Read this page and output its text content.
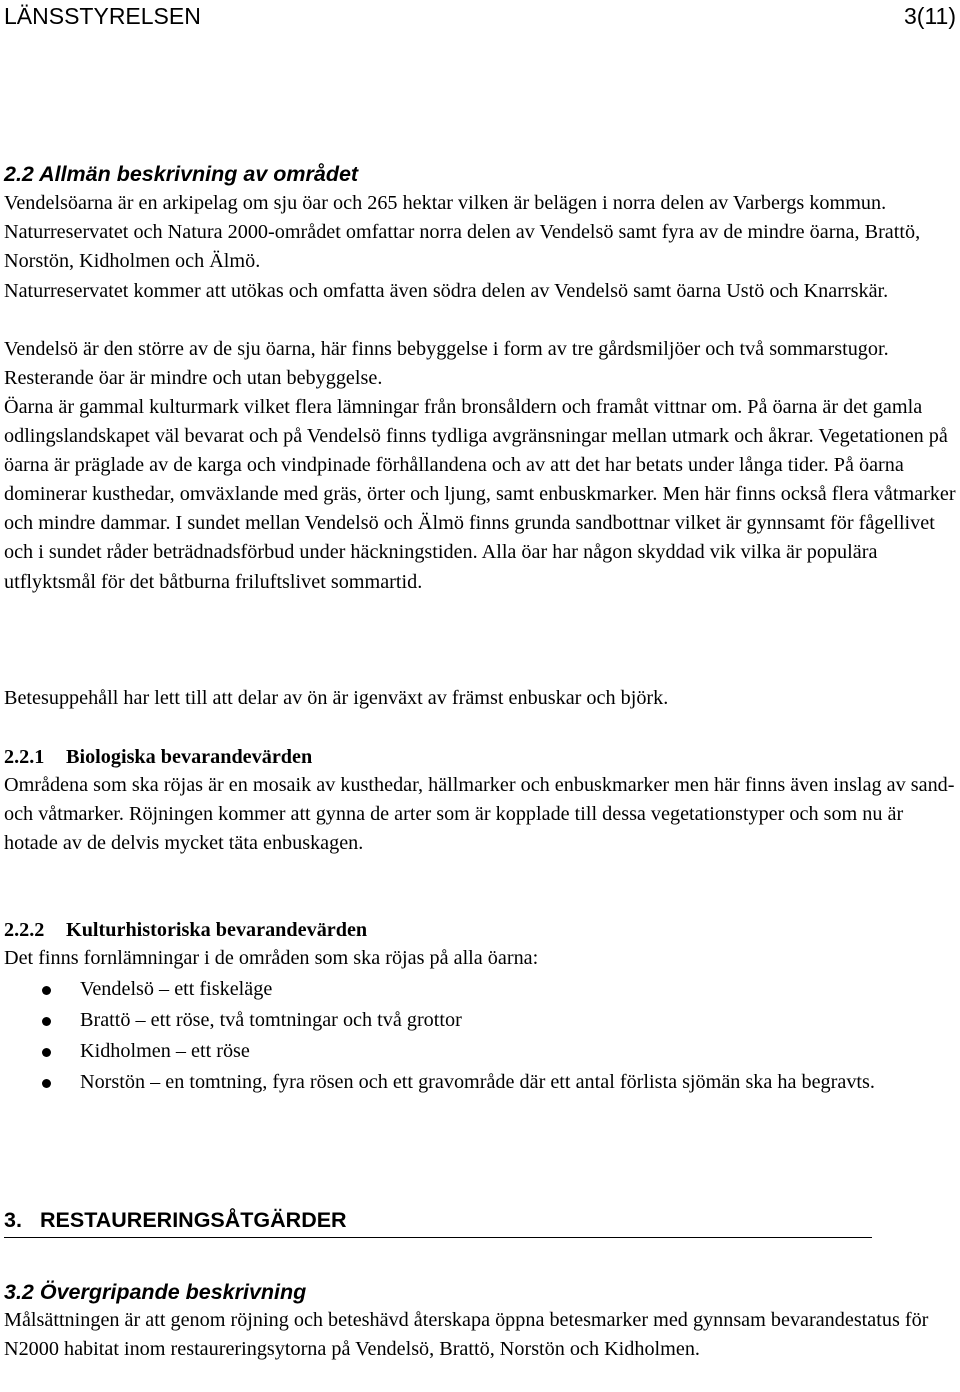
LÄNSSTYRELSEN	3(11)
2.2 Allmän beskrivning av området
Vendelsöarna är en arkipelag om sju öar och 265 hektar vilken är belägen i norra delen av Varbergs kommun. Naturreservatet och Natura 2000-området omfattar norra delen av Vendelsö samt fyra av de mindre öarna, Brattö, Norstön, Kidholmen och Älmö.
Naturreservatet kommer att utökas och omfatta även södra delen av Vendelsö samt öarna Ustö och Knarrskär.
Vendelsö är den större av de sju öarna, här finns bebyggelse i form av tre gårdsmiljöer och två sommarstugor. Resterande öar är mindre och utan bebyggelse.
Öarna är gammal kulturmark vilket flera lämningar från bronsåldern och framåt vittnar om. På öarna är det gamla odlingslandskapet väl bevarat och på Vendelsö finns tydliga avgränsningar mellan utmark och åkrar. Vegetationen på öarna är präglade av de karga och vindpinade förhållandena och av att det har betats under långa tider. På öarna dominerar kusthedar, omväxlande med gräs, örter och ljung, samt enbuskmarker. Men här finns också flera våtmarker och mindre dammar. I sundet mellan Vendelsö och Älmö finns grunda sandbottnar vilket är gynnsamt för fågellivet och i sundet råder beträdnadsförbud under häckningstiden. Alla öar har någon skyddad vik vilka är populära utflyktsmål för det båtburna friluftslivet sommartid.
Betesuppehåll har lett till att delar av ön är igenväxt av främst enbuskar och björk.
2.2.1 Biologiska bevarandevärden
Områdena som ska röjas är en mosaik av kusthedar, hällmarker och enbuskmarker men här finns även inslag av sand- och våtmarker. Röjningen kommer att gynna de arter som är kopplade till dessa vegetationstyper och som nu är hotade av de delvis mycket täta enbuskagen.
2.2.2 Kulturhistoriska bevarandevärden
Det finns fornlämningar i de områden som ska röjas på alla öarna:
Vendelsö – ett fiskeläge
Brattö – ett röse, två tomtningar och två grottor
Kidholmen – ett röse
Norstön – en tomtning, fyra rösen och ett gravområde där ett antal förlista sjömän ska ha begravts.
3. RESTAURERINGSÅTGÄRDER
3.2 Övergripande beskrivning
Målsättningen är att genom röjning och beteshävd återskapa öppna betesmarker med gynnsam bevarandestatus för N2000 habitat inom restaureringsytorna på Vendelsö, Brattö, Norstön och Kidholmen.
